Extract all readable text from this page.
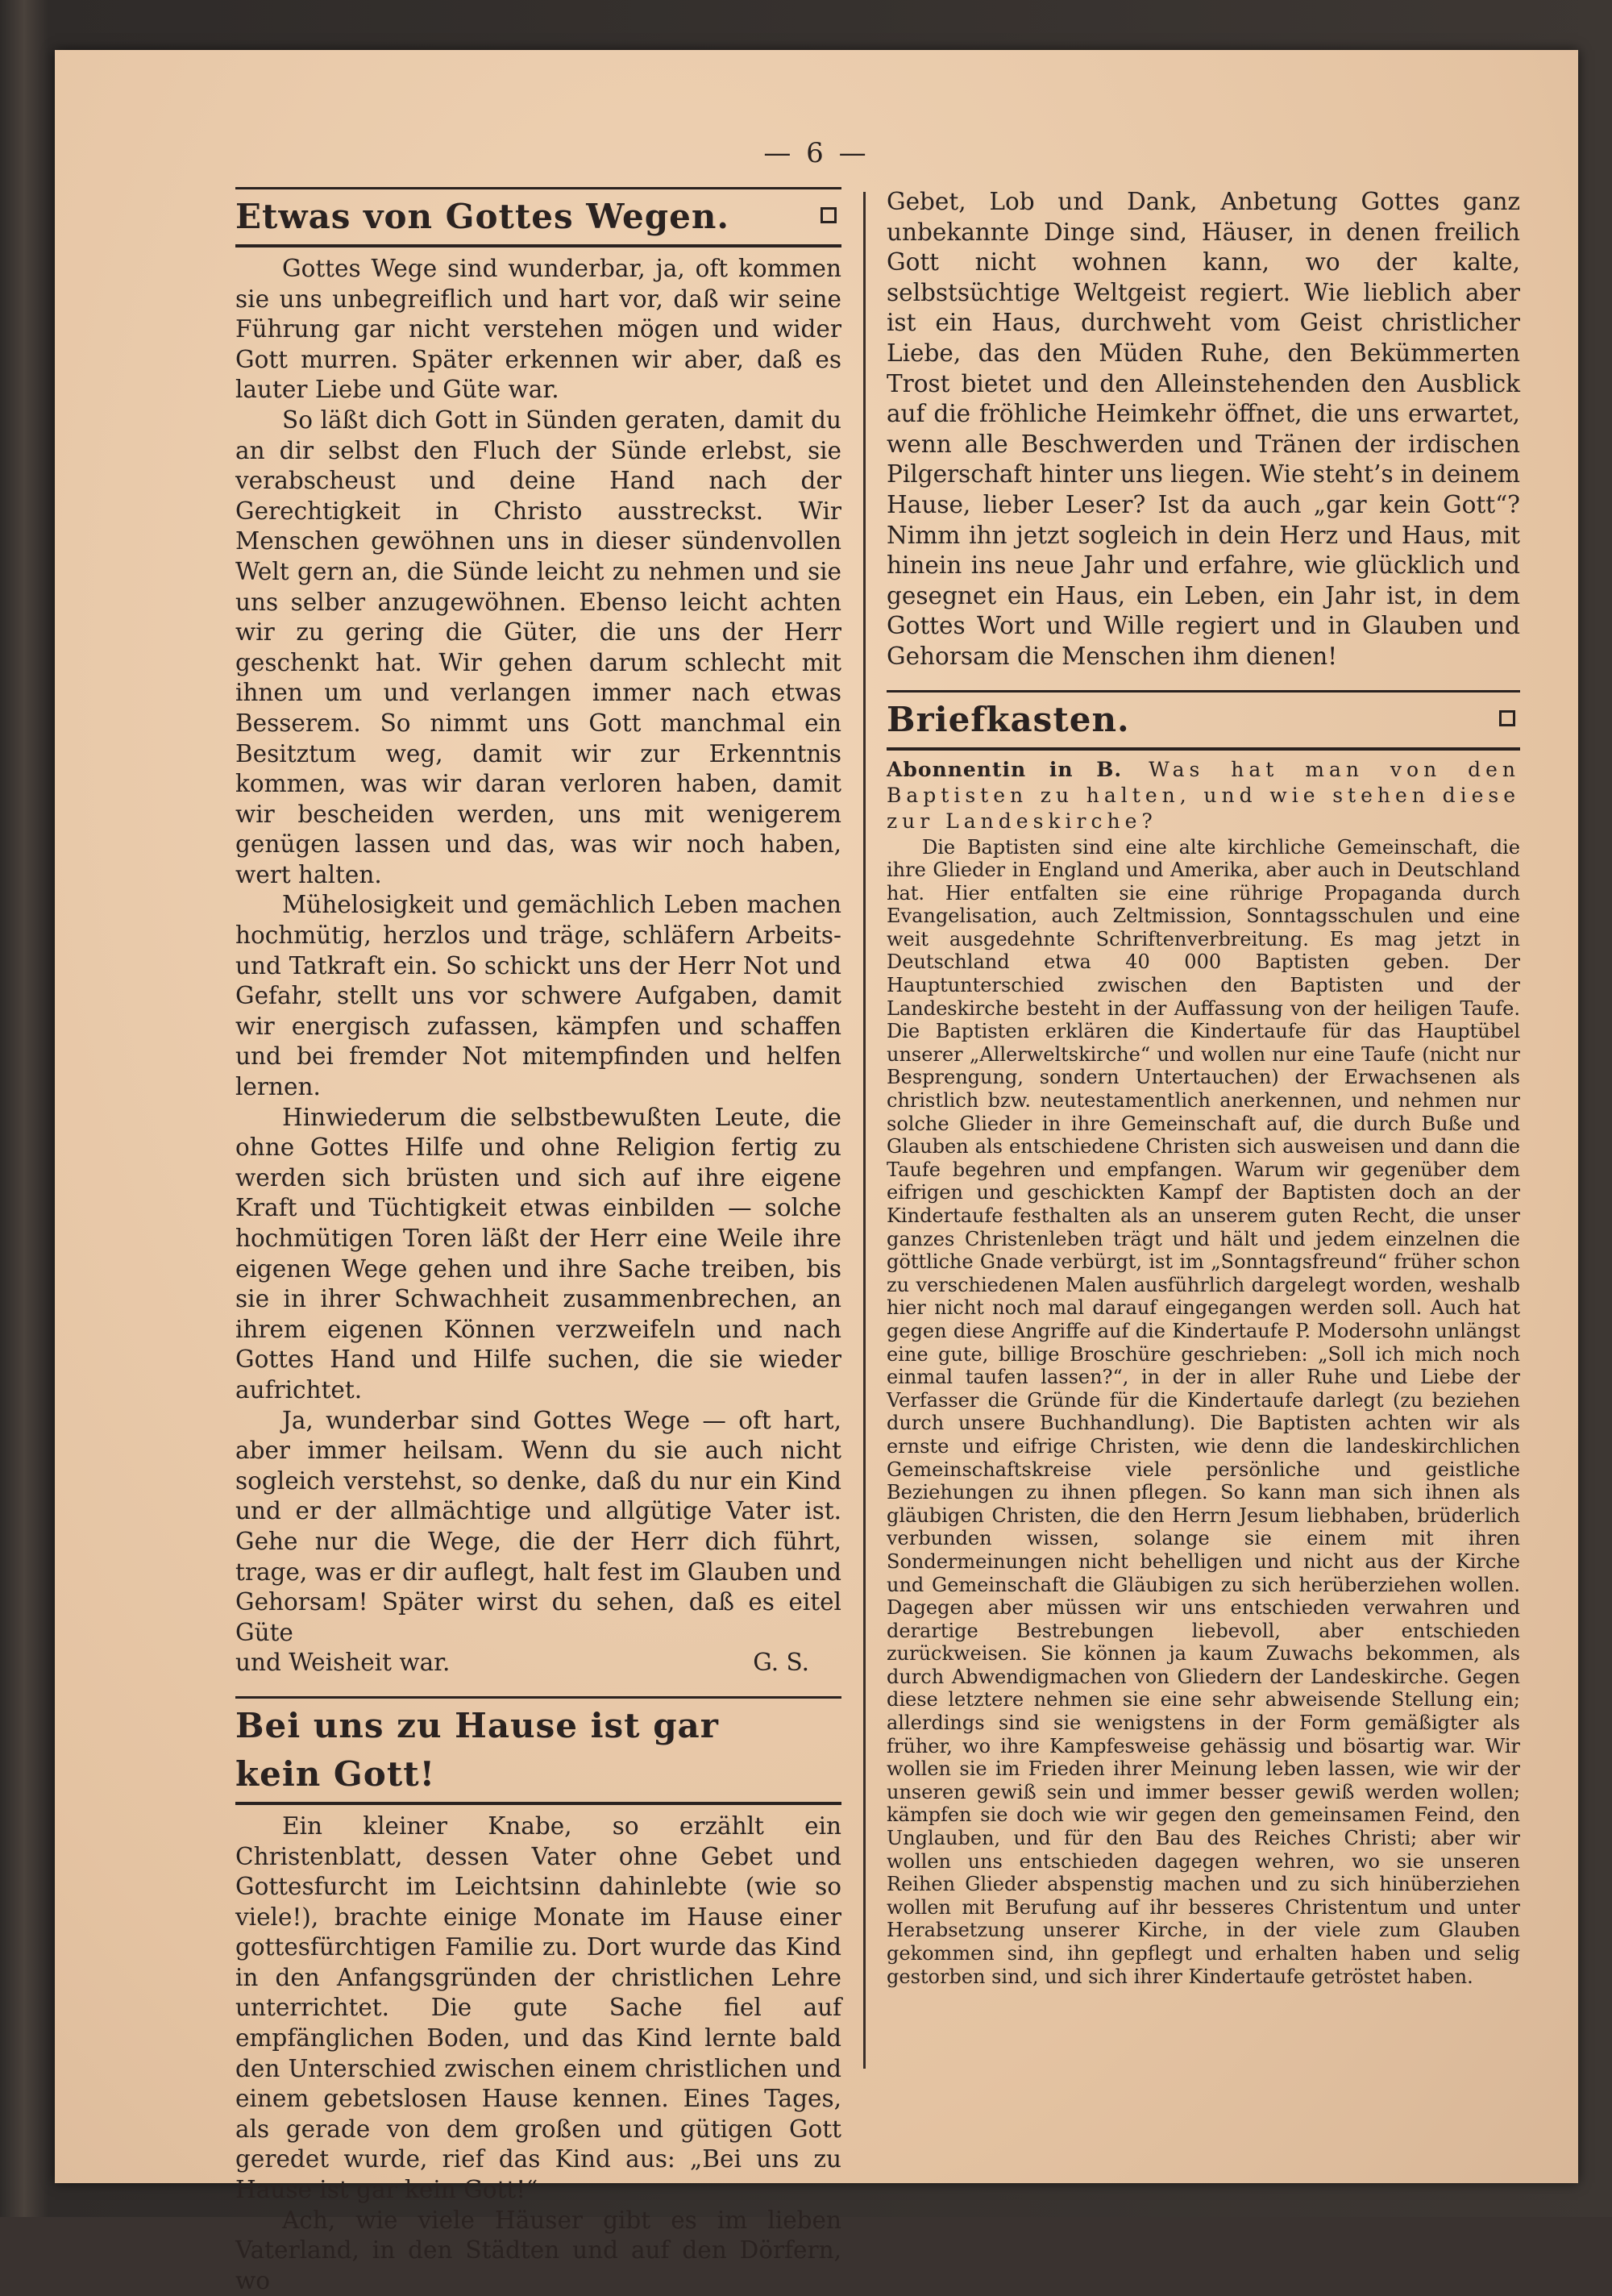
— 6 —
Etwas von Gottes Wegen.

Gottes Wege sind wunderbar, ja, oft kommen sie uns unbegreiflich und hart vor, daß wir seine Führung gar nicht verstehen mögen und wider Gott murren. Später erkennen wir aber, daß es lauter Liebe und Güte war.

So läßt dich Gott in Sünden geraten, damit du an dir selbst den Fluch der Sünde erlebst, sie verabscheust und deine Hand nach der Gerechtigkeit in Christo ausstreckst. Wir Menschen gewöhnen uns in dieser sündenvollen Welt gern an, die Sünde leicht zu nehmen und sie uns selber anzugewöhnen. Ebenso leicht achten wir zu gering die Güter, die uns der Herr geschenkt hat. Wir gehen darum schlecht mit ihnen um und verlangen immer nach etwas Besserem. So nimmt uns Gott manchmal ein Besitztum weg, damit wir zur Erkenntnis kommen, was wir daran verloren haben, damit wir bescheiden werden, uns mit wenigerem genügen lassen und das, was wir noch haben, wert halten.

Mühelosigkeit und gemächlich Leben machen hochmütig, herzlos und träge, schläfern Arbeits- und Tatkraft ein. So schickt uns der Herr Not und Gefahr, stellt uns vor schwere Aufgaben, damit wir energisch zufassen, kämpfen und schaffen und bei fremder Not mitempfinden und helfen lernen.

Hinwiederum die selbstbewußten Leute, die ohne Gottes Hilfe und ohne Religion fertig zu werden sich brüsten und sich auf ihre eigene Kraft und Tüchtigkeit etwas einbilden — solche hochmütigen Toren läßt der Herr eine Weile ihre eigenen Wege gehen und ihre Sache treiben, bis sie in ihrer Schwachheit zusammenbrechen, an ihrem eigenen Können verzweifeln und nach Gottes Hand und Hilfe suchen, die sie wieder aufrichtet.

Ja, wunderbar sind Gottes Wege — oft hart, aber immer heilsam. Wenn du sie auch nicht sogleich verstehst, so denke, daß du nur ein Kind und er der allmächtige und allgütige Vater ist. Gehe nur die Wege, die der Herr dich führt, trage, was er dir auflegt, halt fest im Glauben und Gehorsam! Später wirst du sehen, daß es eitel Güte

und Weisheit war.	G. S.
Bei uns zu Hause ist gar kein Gott!

Ein kleiner Knabe, so erzählt ein Christenblatt, dessen Vater ohne Gebet und Gottesfurcht im Leichtsinn dahinlebte (wie so viele!), brachte einige Monate im Hause einer gottesfürchtigen Familie zu. Dort wurde das Kind in den Anfangsgründen der christlichen Lehre unterrichtet. Die gute Sache fiel auf empfänglichen Boden, und das Kind lernte bald den Unterschied zwischen einem christlichen und einem gebetslosen Hause kennen. Eines Tages, als gerade von dem großen und gütigen Gott geredet wurde, rief das Kind aus: „Bei uns zu Hause ist gar kein Gott!“

Ach, wie viele Häuser gibt es im lieben Vaterland, in den Städten und auf den Dörfern, wo

Gebet, Lob und Dank, Anbetung Gottes ganz unbekannte Dinge sind, Häuser, in denen freilich Gott nicht wohnen kann, wo der kalte, selbstsüchtige Weltgeist regiert. Wie lieblich aber ist ein Haus, durchweht vom Geist christlicher Liebe, das den Müden Ruhe, den Bekümmerten Trost bietet und den Alleinstehenden den Ausblick auf die fröhliche Heimkehr öffnet, die uns erwartet, wenn alle Beschwerden und Tränen der irdischen Pilgerschaft hinter uns liegen. Wie steht’s in deinem Hause, lieber Leser? Ist da auch „gar kein Gott“? Nimm ihn jetzt sogleich in dein Herz und Haus, mit hinein ins neue Jahr und erfahre, wie glücklich und gesegnet ein Haus, ein Leben, ein Jahr ist, in dem Gottes Wort und Wille regiert und in Glauben und Gehorsam die Menschen ihm dienen!

Briefkasten.

Abonnentin in B. Was hat man von den Baptisten zu halten, und wie stehen diese zur Landeskirche?

Die Baptisten sind eine alte kirchliche Gemeinschaft, die ihre Glieder in England und Amerika, aber auch in Deutschland hat. Hier entfalten sie eine rührige Propaganda durch Evangelisation, auch Zeltmission, Sonntagsschulen und eine weit ausgedehnte Schriftenverbreitung. Es mag jetzt in Deutschland etwa 40 000 Baptisten geben. Der Hauptunterschied zwischen den Baptisten und der Landeskirche besteht in der Auffassung von der heiligen Taufe. Die Baptisten erklären die Kindertaufe für das Hauptübel unserer „Allerweltskirche“ und wollen nur eine Taufe (nicht nur Besprengung, sondern Untertauchen) der Erwachsenen als christlich bzw. neutestamentlich anerkennen, und nehmen nur solche Glieder in ihre Gemeinschaft auf, die durch Buße und Glauben als entschiedene Christen sich ausweisen und dann die Taufe begehren und empfangen. Warum wir gegenüber dem eifrigen und geschickten Kampf der Baptisten doch an der Kindertaufe festhalten als an unserem guten Recht, die unser ganzes Christenleben trägt und hält und jedem einzelnen die göttliche Gnade verbürgt, ist im „Sonntagsfreund“ früher schon zu verschiedenen Malen ausführlich dargelegt worden, weshalb hier nicht noch mal darauf eingegangen werden soll. Auch hat gegen diese Angriffe auf die Kindertaufe P. Modersohn unlängst eine gute, billige Broschüre geschrieben: „Soll ich mich noch einmal taufen lassen?“, in der in aller Ruhe und Liebe der Verfasser die Gründe für die Kindertaufe darlegt (zu beziehen durch unsere Buchhandlung). Die Baptisten achten wir als ernste und eifrige Christen, wie denn die landeskirchlichen Gemeinschaftskreise viele persönliche und geistliche Beziehungen zu ihnen pflegen. So kann man sich ihnen als gläubigen Christen, die den Herrn Jesum liebhaben, brüderlich verbunden wissen, solange sie einem mit ihren Sondermeinungen nicht behelligen und nicht aus der Kirche und Gemeinschaft die Gläubigen zu sich herüberziehen wollen. Dagegen aber müssen wir uns entschieden verwahren und derartige Bestrebungen liebevoll, aber entschieden zurückweisen. Sie können ja kaum Zuwachs bekommen, als durch Abwendigmachen von Gliedern der Landeskirche. Gegen diese letztere nehmen sie eine sehr abweisende Stellung ein; allerdings sind sie wenigstens in der Form gemäßigter als früher, wo ihre Kampfesweise gehässig und bösartig war. Wir wollen sie im Frieden ihrer Meinung leben lassen, wie wir der unseren gewiß sein und immer besser gewiß werden wollen; kämpfen sie doch wie wir gegen den gemeinsamen Feind, den Unglauben, und für den Bau des Reiches Christi; aber wir wollen uns entschieden dagegen wehren, wo sie unseren Reihen Glieder abspenstig machen und zu sich hinüberziehen wollen mit Berufung auf ihr besseres Christentum und unter Herabsetzung unserer Kirche, in der viele zum Glauben gekommen sind, ihn gepflegt und erhalten haben und selig gestorben sind, und sich ihrer Kindertaufe getröstet haben.
